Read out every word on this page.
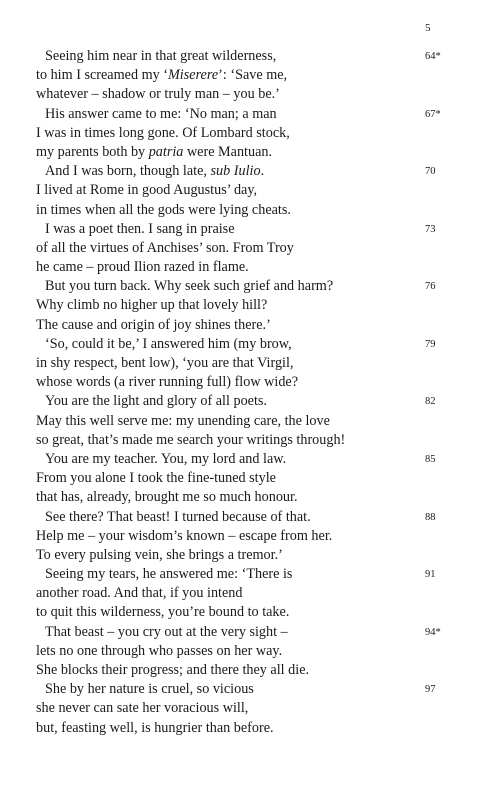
5
Seeing him near in that great wilderness,	64*
to him I screamed my ‘Miserere’: ‘Save me,
whatever – shadow or truly man – you be.’
His answer came to me: ‘No man; a man	67*
I was in times long gone. Of Lombard stock,
my parents both by patria were Mantuan.
And I was born, though late, sub Iulio.	70
I lived at Rome in good Augustus’ day,
in times when all the gods were lying cheats.
I was a poet then. I sang in praise	73
of all the virtues of Anchises’ son. From Troy
he came – proud Ilion razed in flame.
But you turn back. Why seek such grief and harm?	76
Why climb no higher up that lovely hill?
The cause and origin of joy shines there.’
‘So, could it be,’ I answered him (my brow,	79
in shy respect, bent low), ‘you are that Virgil,
whose words (a river running full) flow wide?
You are the light and glory of all poets.	82
May this well serve me: my unending care, the love
so great, that’s made me search your writings through!
You are my teacher. You, my lord and law.	85
From you alone I took the fine-tuned style
that has, already, brought me so much honour.
See there? That beast! I turned because of that.	88
Help me – your wisdom’s known – escape from her.
To every pulsing vein, she brings a tremor.’
Seeing my tears, he answered me: ‘There is	91
another road. And that, if you intend
to quit this wilderness, you’re bound to take.
That beast – you cry out at the very sight –	94*
lets no one through who passes on her way.
She blocks their progress; and there they all die.
She by her nature is cruel, so vicious	97
she never can sate her voracious will,
but, feasting well, is hungrier than before.
